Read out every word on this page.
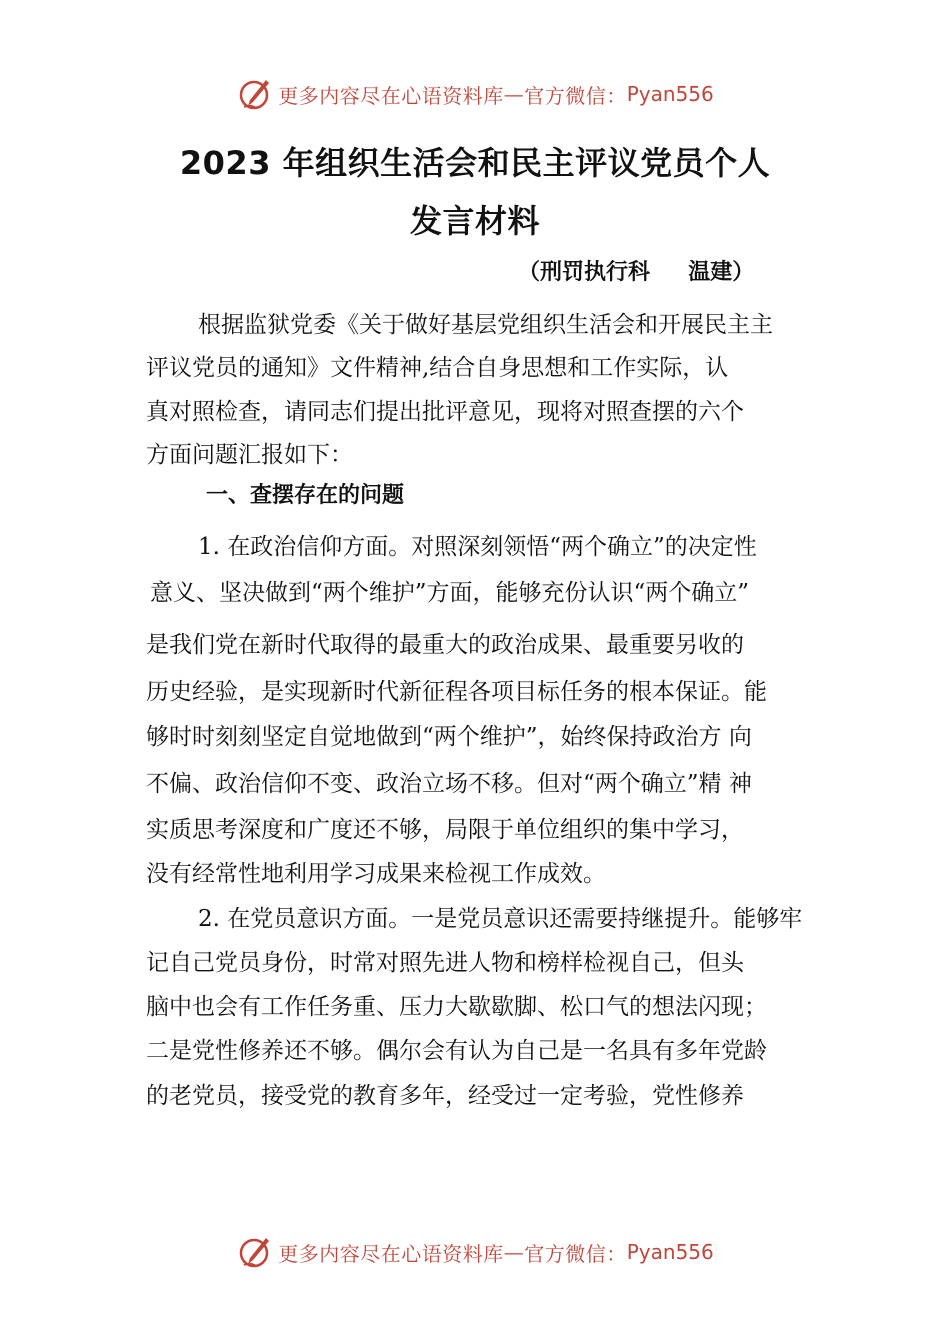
更多内容尽在心语资料库 — 官方微信： Pyan556
2023 年组织生活会和民主评议党员个人
发言材料
（刑罚执行科     温建）

根据监狱党委《关于做好基层党组织生活会和开展民主主

评议党员的通知》文件精神,结合自身思想和工作实际，认

真对照检查，请同志们提出批评意见，现将对照查摆的六个

方面问题汇报如下：

一、查摆存在的问题

1. 在政治信仰方面。对照深刻领悟“两个确立”的决定性

意义、坚决做到“两个维护”方面，能够充份认识“两个确立”

是我们党在新时代取得的最重大的政治成果、最重要另收的

历史经验，是实现新时代新征程各项目标任务的根本保证。能

够时时刻刻坚定自觉地做到“两个维护”，始终保持政治方 向

不偏、政治信仰不变、政治立场不移。但对“两个确立”精 神

实质思考深度和广度还不够，局限于单位组织的集中学习，

没有经常性地利用学习成果来检视工作成效。

2. 在党员意识方面。一是党员意识还需要持继提升。能够牢

记自己党员身份，时常对照先进人物和榜样检视自己，但头

脑中也会有工作任务重、压力大歇歇脚、松口气的想法闪现；

二是党性修养还不够。偶尔会有认为自己是一名具有多年党龄

的老党员，接受党的教育多年，经受过一定考验，党性修养

更多内容尽在心语资料库 — 官方微信： Pyan556
